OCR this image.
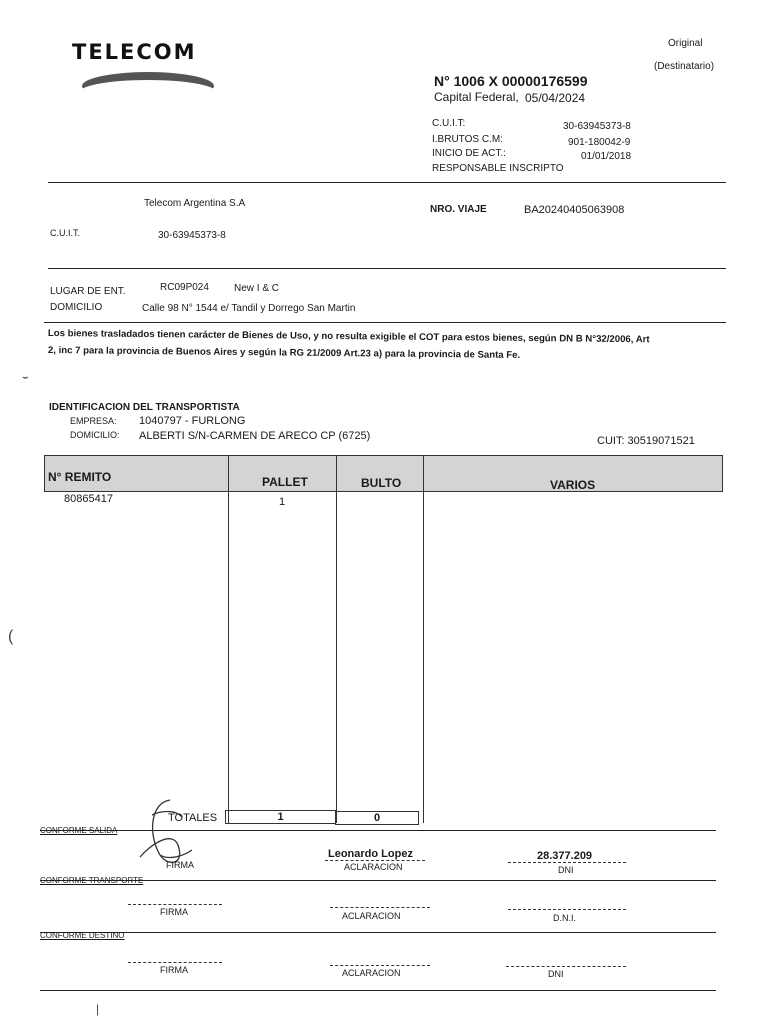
TELECOM	Original
(Destinatario)
N° 1006 X 00000176599
Capital Federal, 05/04/2024
C.U.I.T:	30-63945373-8
I.BRUTOS C.M:	901-180042-9
INICIO DE ACT.:	01/01/2018
RESPONSABLE INSCRIPTO
Telecom Argentina S.A
NRO. VIAJE	BA20240405063908
C.U.I.T.	30-63945373-8
LUGAR DE ENT.	RC09P024	New I & C
DOMICILIO	Calle 98 N° 1544 e/ Tandil y Dorrego San Martin
Los bienes trasladados tienen carácter de Bienes de Uso, y no resulta exigible el COT para estos bienes, según DN B N°32/2006, Art
2, inc 7 para la provincia de Buenos Aires y según la RG 21/2009 Art.23 a) para la provincia de Santa Fe.
⌣
IDENTIFICACION DEL TRANSPORTISTA
EMPRESA: 1040797 - FURLONG
DOMICILIO: ALBERTI S/N-CARMEN DE ARECO CP (6725)	CUIT: 30519071521
N° REMITO	PALLET	BULTO	VARIOS
80865417	1
TOTALES	1	0
CONFORME SALIDA
FIRMA
Leonardo Lopez
ACLARACION
28.377.209
DNI
CONFORME TRANSPORTE
FIRMA	ACLARACION	D.N.I.
CONFORME DESTINO
FIRMA	ACLARACION	DNI
(
|
